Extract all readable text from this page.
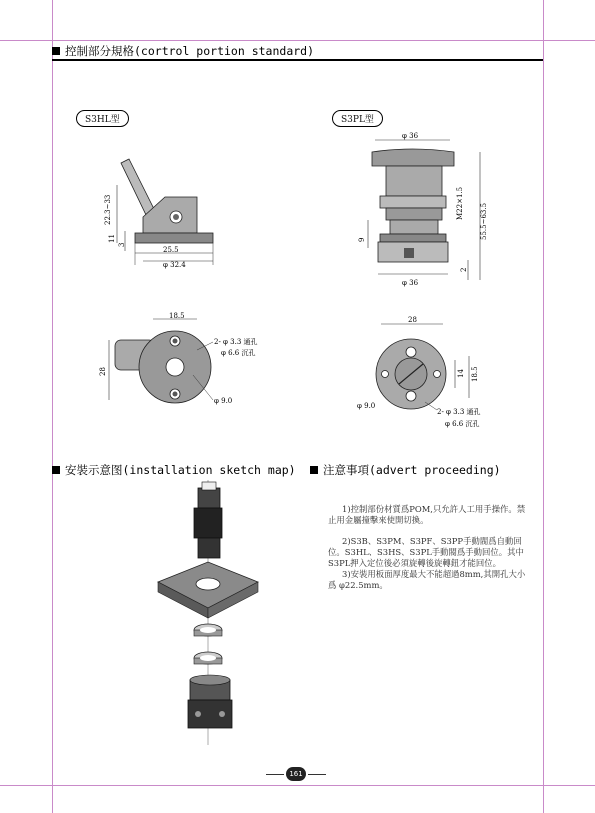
控制部分規格(cortrol portion standard)
S3HL型	S3PL型
22.3~33
11
3
25.5
φ 32.4
18.5
28
2- φ 3.3 通孔
φ 6.6 沉孔
φ 9.0
φ 36
M22×1.5 55.5~63.5
9
2
φ 36
28
14 18.5
φ 9.0
2- φ 3.3 通孔
φ 6.6 沉孔
安裝示意图(installation sketch map)	注意事項(advert proceeding)

1)控制部份材質爲POM,只允許人工用手操作。禁止用金屬撞擊來使開切換。

2)S3B、S3PM、S3PF、S3PP手動閥爲自動回位。S3HL、S3HS、S3PL手動閥爲手動回位。其中S3PL押入定位後必須旋轉後旋轉鈕才能回位。

3)安裝用板面厚度最大不能超過8mm,其開孔大小爲 φ22.5mm。

161
